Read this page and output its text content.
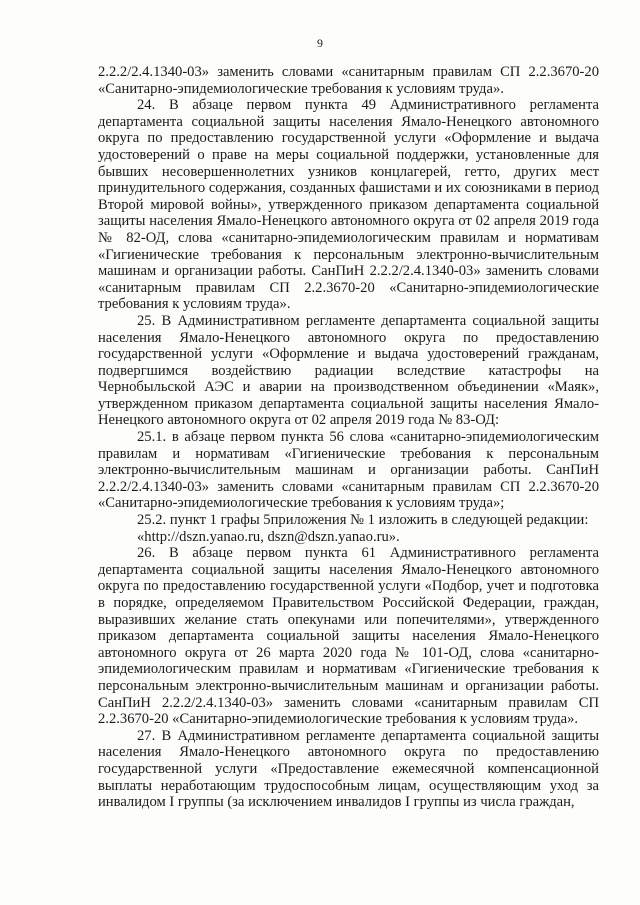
9

2.2.2/2.4.1340-03» заменить словами «санитарным правилам СП 2.2.3670-20 «Санитарно-эпидемиологические требования к условиям труда».

24. В абзаце первом пункта 49 Административного регламента департамента социальной защиты населения Ямало-Ненецкого автономного округа по предоставлению государственной услуги «Оформление и выдача удостоверений о праве на меры социальной поддержки, установленные для бывших несовершеннолетних узников концлагерей, гетто, других мест принудительного содержания, созданных фашистами и их союзниками в период Второй мировой войны», утвержденного приказом департамента социальной защиты населения Ямало-Ненецкого автономного округа от 02 апреля 2019 года № 82-ОД, слова «санитарно-эпидемиологическим правилам и нормативам «Гигиенические требования к персональным электронно-вычислительным машинам и организации работы. СанПиН 2.2.2/2.4.1340-03» заменить словами «санитарным правилам СП 2.2.3670-20 «Санитарно-эпидемиологические требования к условиям труда».

25. В Административном регламенте департамента социальной защиты населения Ямало-Ненецкого автономного округа по предоставлению государственной услуги «Оформление и выдача удостоверений гражданам, подвергшимся воздействию радиации вследствие катастрофы на Чернобыльской АЭС и аварии на производственном объединении «Маяк», утвержденном приказом департамента социальной защиты населения Ямало-Ненецкого автономного округа от 02 апреля 2019 года № 83-ОД:

25.1. в абзаце первом пункта 56 слова «санитарно-эпидемиологическим правилам и нормативам «Гигиенические требования к персональным электронно-вычислительным машинам и организации работы. СанПиН 2.2.2/2.4.1340-03» заменить словами «санитарным правилам СП 2.2.3670-20 «Санитарно-эпидемиологические требования к условиям труда»;

25.2. пункт 1 графы 5приложения № 1 изложить в следующей редакции:

«http://dszn.yanao.ru, dszn@dszn.yanao.ru».

26. В абзаце первом пункта 61 Административного регламента департамента социальной защиты населения Ямало-Ненецкого автономного округа по предоставлению государственной услуги «Подбор, учет и подготовка в порядке, определяемом Правительством Российской Федерации, граждан, выразивших желание стать опекунами или попечителями», утвержденного приказом департамента социальной защиты населения Ямало-Ненецкого автономного округа от 26 марта 2020 года № 101-ОД, слова «санитарно-эпидемиологическим правилам и нормативам «Гигиенические требования к персональным электронно-вычислительным машинам и организации работы. СанПиН 2.2.2/2.4.1340-03» заменить словами «санитарным правилам СП 2.2.3670-20 «Санитарно-эпидемиологические требования к условиям труда».

27. В Административном регламенте департамента социальной защиты населения Ямало-Ненецкого автономного округа по предоставлению государственной услуги «Предоставление ежемесячной компенсационной выплаты неработающим трудоспособным лицам, осуществляющим уход за инвалидом I группы (за исключением инвалидов I группы из числа граждан,
